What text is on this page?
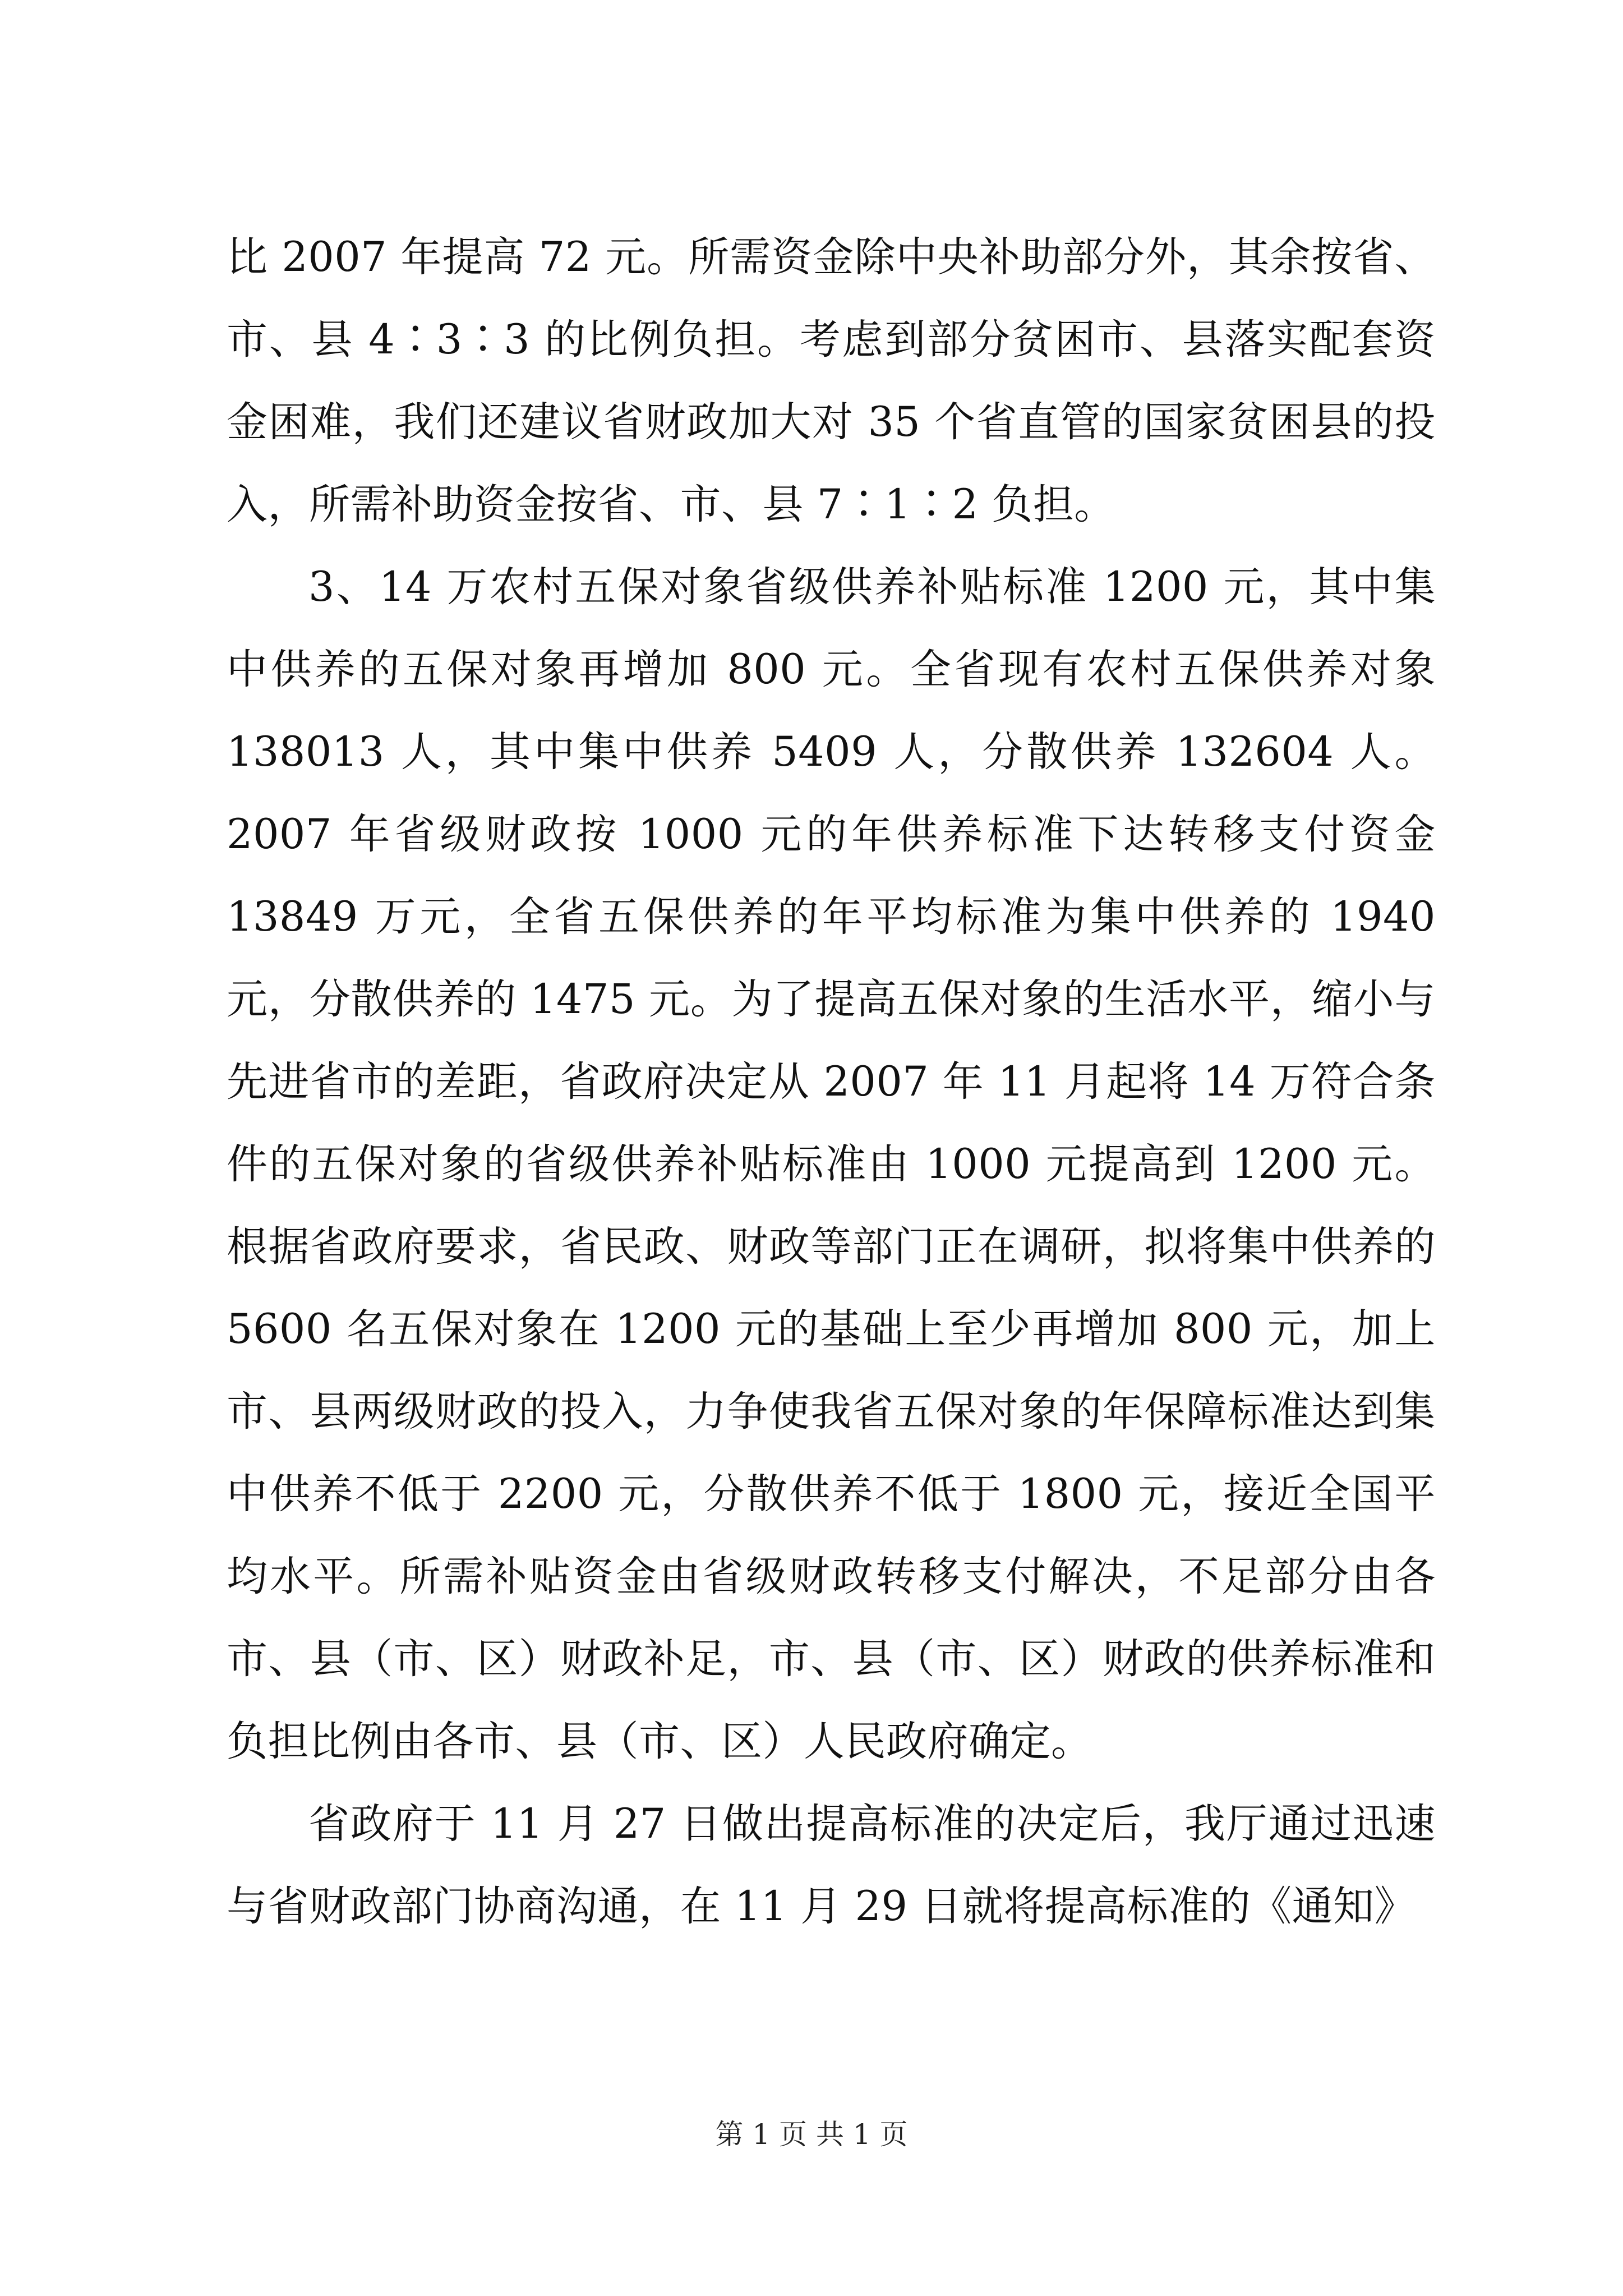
比 2007 年提高 72 元。所需资金除中央补助部分外，其余按省、市、县 4∶3∶3 的比例负担。考虑到部分贫困市、县落实配套资金困难，我们还建议省财政加大对 35 个省直管的国家贫困县的投入，所需补助资金按省、市、县 7∶1∶2 负担。

3、14 万农村五保对象省级供养补贴标准 1200 元，其中集中供养的五保对象再增加 800 元。全省现有农村五保供养对象 138013 人，其中集中供养 5409 人，分散供养 132604 人。2007 年省级财政按 1000 元的年供养标准下达转移支付资金 13849 万元，全省五保供养的年平均标准为集中供养的 1940 元，分散供养的 1475 元。为了提高五保对象的生活水平，缩小与先进省市的差距，省政府决定从 2007 年 11 月起将 14 万符合条件的五保对象的省级供养补贴标准由 1000 元提高到 1200 元。根据省政府要求，省民政、财政等部门正在调研，拟将集中供养的 5600 名五保对象在 1200 元的基础上至少再增加 800 元，加上市、县两级财政的投入，力争使我省五保对象的年保障标准达到集中供养不低于 2200 元，分散供养不低于 1800 元，接近全国平均水平。所需补贴资金由省级财政转移支付解决，不足部分由各市、县（市、区）财政补足，市、县（市、区）财政的供养标准和负担比例由各市、县（市、区）人民政府确定。

省政府于 11 月 27 日做出提高标准的决定后，我厅通过迅速与省财政部门协商沟通，在 11 月 29 日就将提高标准的《通知》

第 1 页 共 1 页
